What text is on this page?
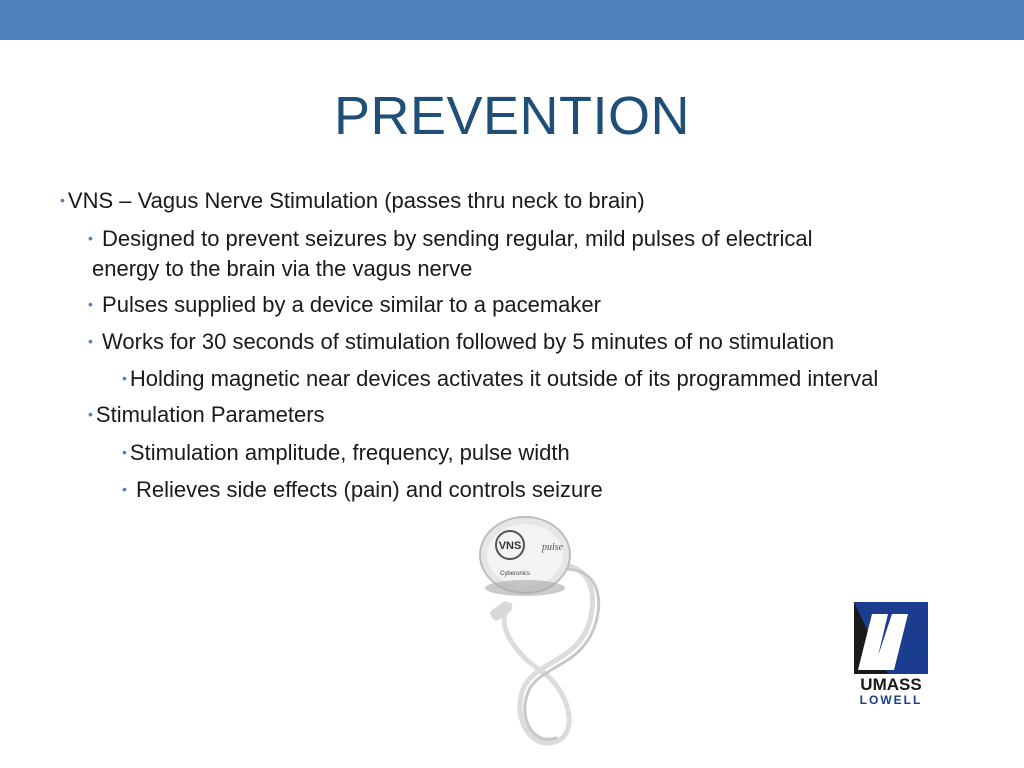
PREVENTION
• VNS – Vagus Nerve Stimulation (passes thru neck to brain)
• Designed to prevent seizures by sending regular, mild pulses of electrical
energy to the brain via the vagus nerve
• Pulses supplied by a device similar to a pacemaker
• Works for 30 seconds of stimulation followed by 5 minutes of no stimulation
• Holding magnetic near devices activates it outside of its programmed interval
• Stimulation Parameters
• Stimulation amplitude, frequency, pulse width
• Relieves side effects (pain) and controls seizure
VNS pulse
Cyberonics
UMASS
LOWELL
